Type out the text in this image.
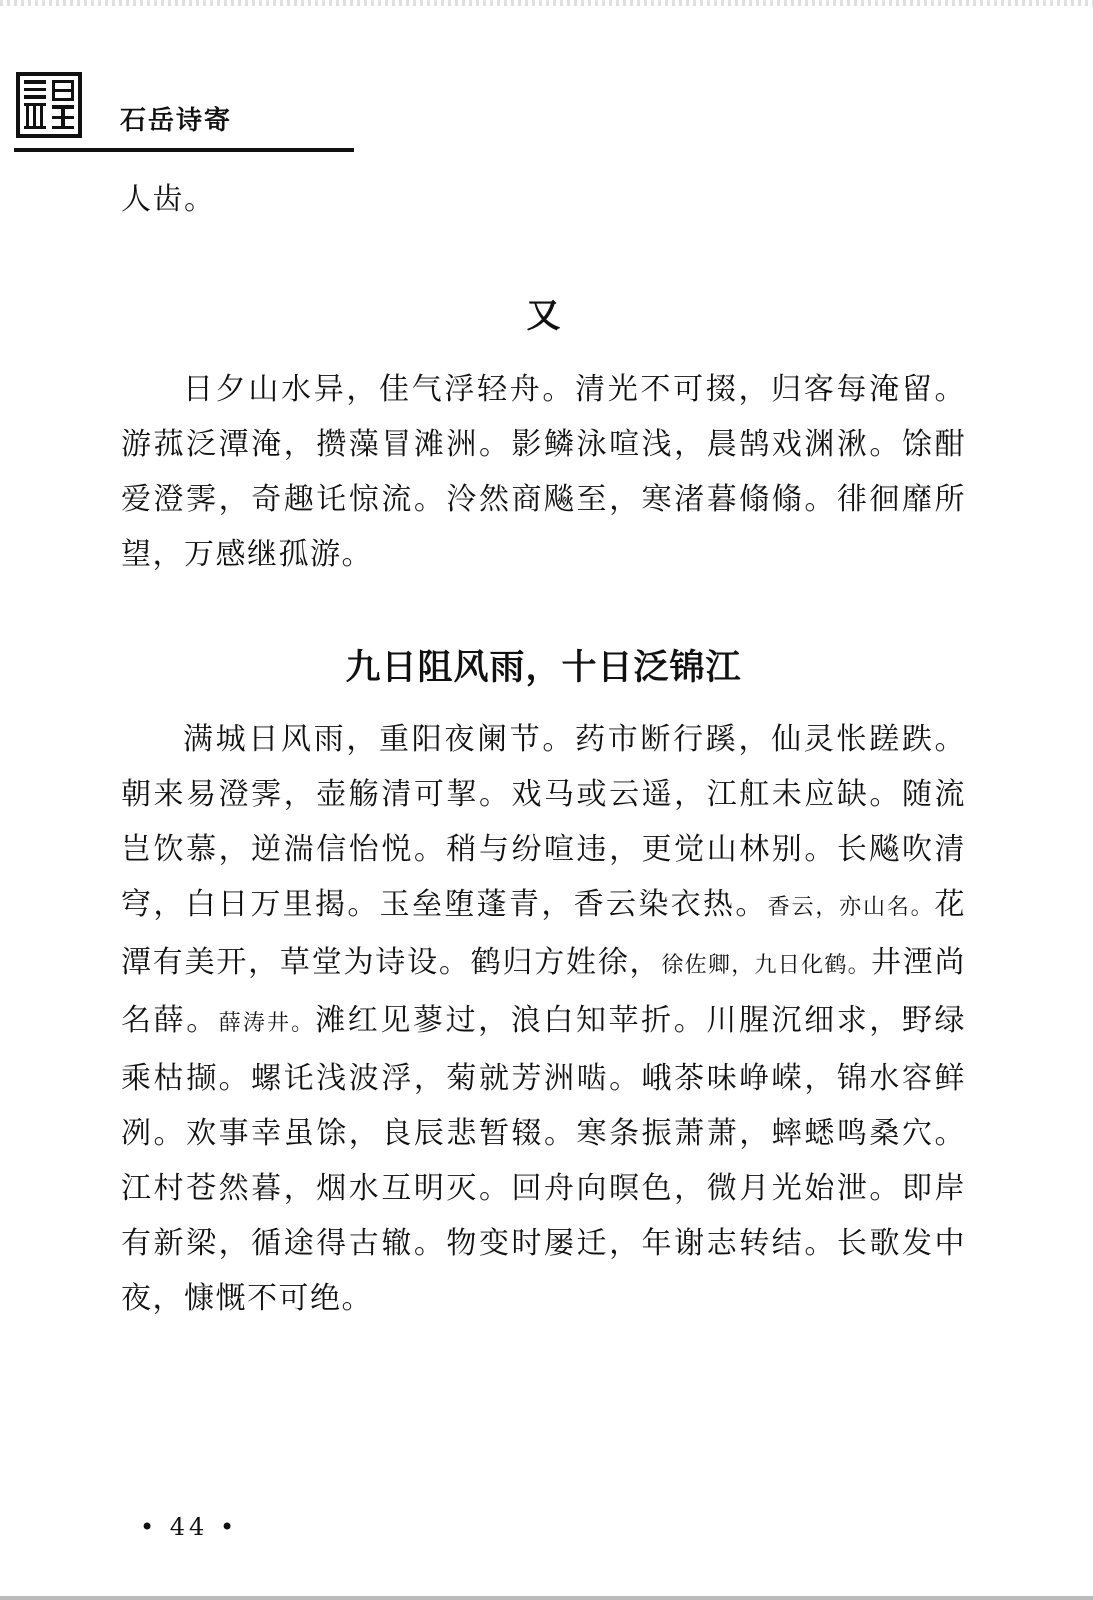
石岳诗寄

人齿。

又

日夕山水异，佳气浮轻舟。清光不可掇，归客每淹留。游菰泛潭淹，攒藻冒滩洲。影鳞泳喧浅，晨鹄戏渊湫。馀酣爱澄霁，奇趣讬惊流。泠然商飚至，寒渚暮翛翛。徘徊靡所望，万感继孤游。

九日阻风雨，十日泛锦江

满城日风雨，重阳夜阑节。药市断行蹊，仙灵怅蹉跌。朝来易澄霁，壶觞清可挈。戏马或云遥，江舡未应缺。随流岂饮慕，逆湍信怡悦。稍与纷喧违，更觉山林别。长飚吹清穹，白日万里揭。玉垒堕蓬青，香云染衣热。香云，亦山名。花潭有美开，草堂为诗设。鹤归方姓徐，徐佐卿，九日化鹤。井湮尚名薛。薛涛井。滩红见蓼过，浪白知苹折。川腥沉细求，野绿乘枯撷。螺讬浅波浮，菊就芳洲啮。峨茶味峥嵘，锦水容鲜冽。欢事幸虽馀，良辰悲暂辍。寒条振萧萧，蟀蟋鸣桑穴。江村苍然暮，烟水互明灭。回舟向暝色，微月光始泄。即岸有新梁，循途得古辙。物变时屡迁，年谢志转结。长歌发中夜，慷慨不可绝。

• 44 •
